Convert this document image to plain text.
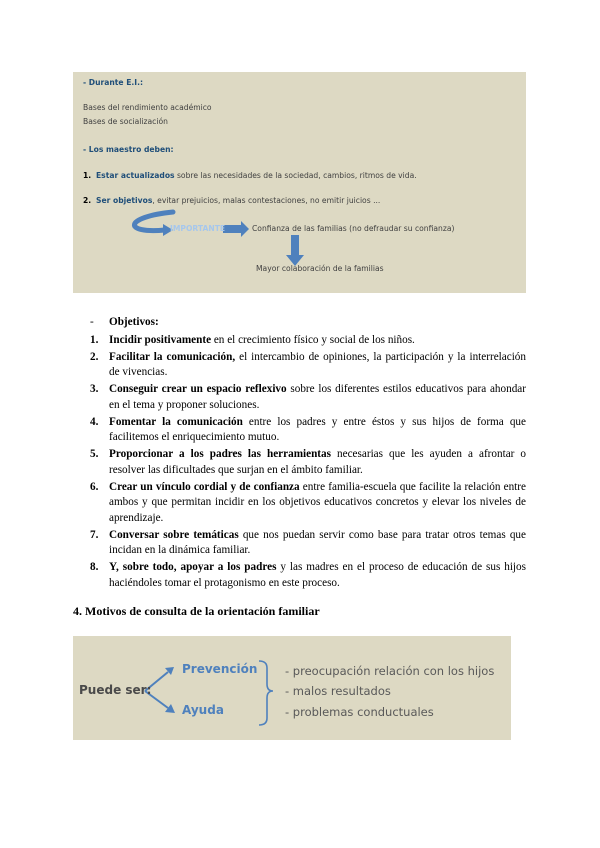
- Durante E.I.:
Bases del rendimiento académico
Bases de socialización
- Los maestro deben:
1. Estar actualizados sobre las necesidades de la sociedad, cambios, ritmos de vida.
2. Ser objetivos, evitar prejuicios, malas contestaciones, no emitir juicios ...
IMPORTANTE	Confianza de las familias (no defraudar su confianza)
Mayor colaboración de la familias
-	Objetivos:
1. Incidir positivamente en el crecimiento físico y social de los niños.
2. Facilitar la comunicación, el intercambio de opiniones, la participación y la interrelación de vivencias.
3. Conseguir crear un espacio reflexivo sobre los diferentes estilos educativos para ahondar en el tema y proponer soluciones.
4. Fomentar la comunicación entre los padres y entre éstos y sus hijos de forma que facilitemos el enriquecimiento mutuo.
5. Proporcionar a los padres las herramientas necesarias que les ayuden a afrontar o resolver las dificultades que surjan en el ámbito familiar.
6. Crear un vínculo cordial y de confianza entre familia-escuela que facilite la relación entre ambos y que permitan incidir en los objetivos educativos concretos y elevar los niveles de aprendizaje.
7. Conversar sobre temáticas que nos puedan servir como base para tratar otros temas que incidan en la dinámica familiar.
8. Y, sobre todo, apoyar a los padres y las madres en el proceso de educación de sus hijos haciéndoles tomar el protagonismo en este proceso.
4. Motivos de consulta de la orientación familiar
Puede ser:
Prevención
Ayuda
- preocupación relación con los hijos
- malos resultados
- problemas conductuales
